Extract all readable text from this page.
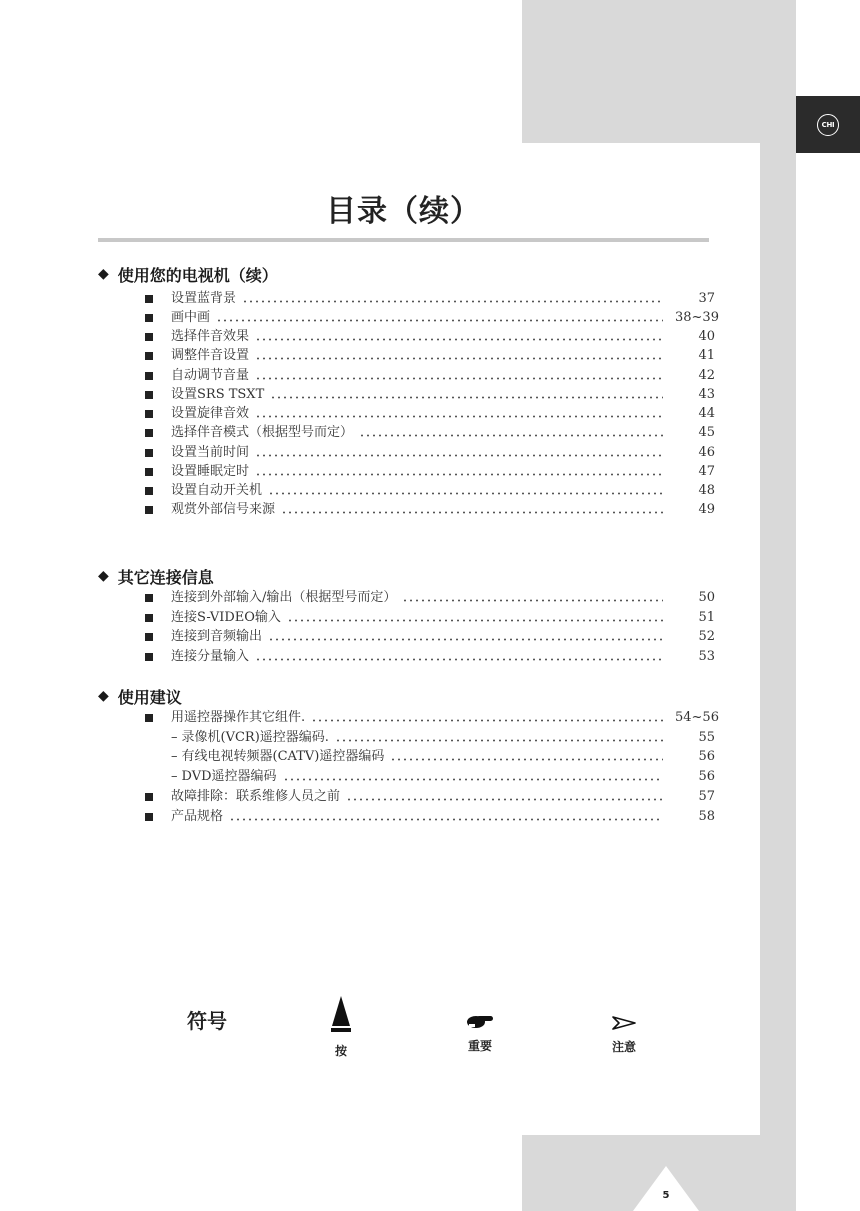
CHI
目录（续）
◆ 使用您的电视机（续）
设置蓝背景	37
画中画	38~39
选择伴音效果	40
调整伴音设置	41
自动调节音量	42
设置SRS TSXT	43
设置旋律音效	44
选择伴音模式（根据型号而定）	45
设置当前时间	46
设置睡眠定时	47
设置自动开关机	48
观赏外部信号来源	49
◆ 其它连接信息
连接到外部输入/输出（根据型号而定）	50
连接S-VIDEO输入	51
连接到音频输出	52
连接分量输入	53
◆ 使用建议
用遥控器操作其它组件.	54~56
– 录像机(VCR)遥控器编码.	55
– 有线电视转频器(CATV)遥控器编码	56
– DVD遥控器编码	56
故障排除：联系维修人员之前	57
产品规格	58
符号
按	重要	注意
5
